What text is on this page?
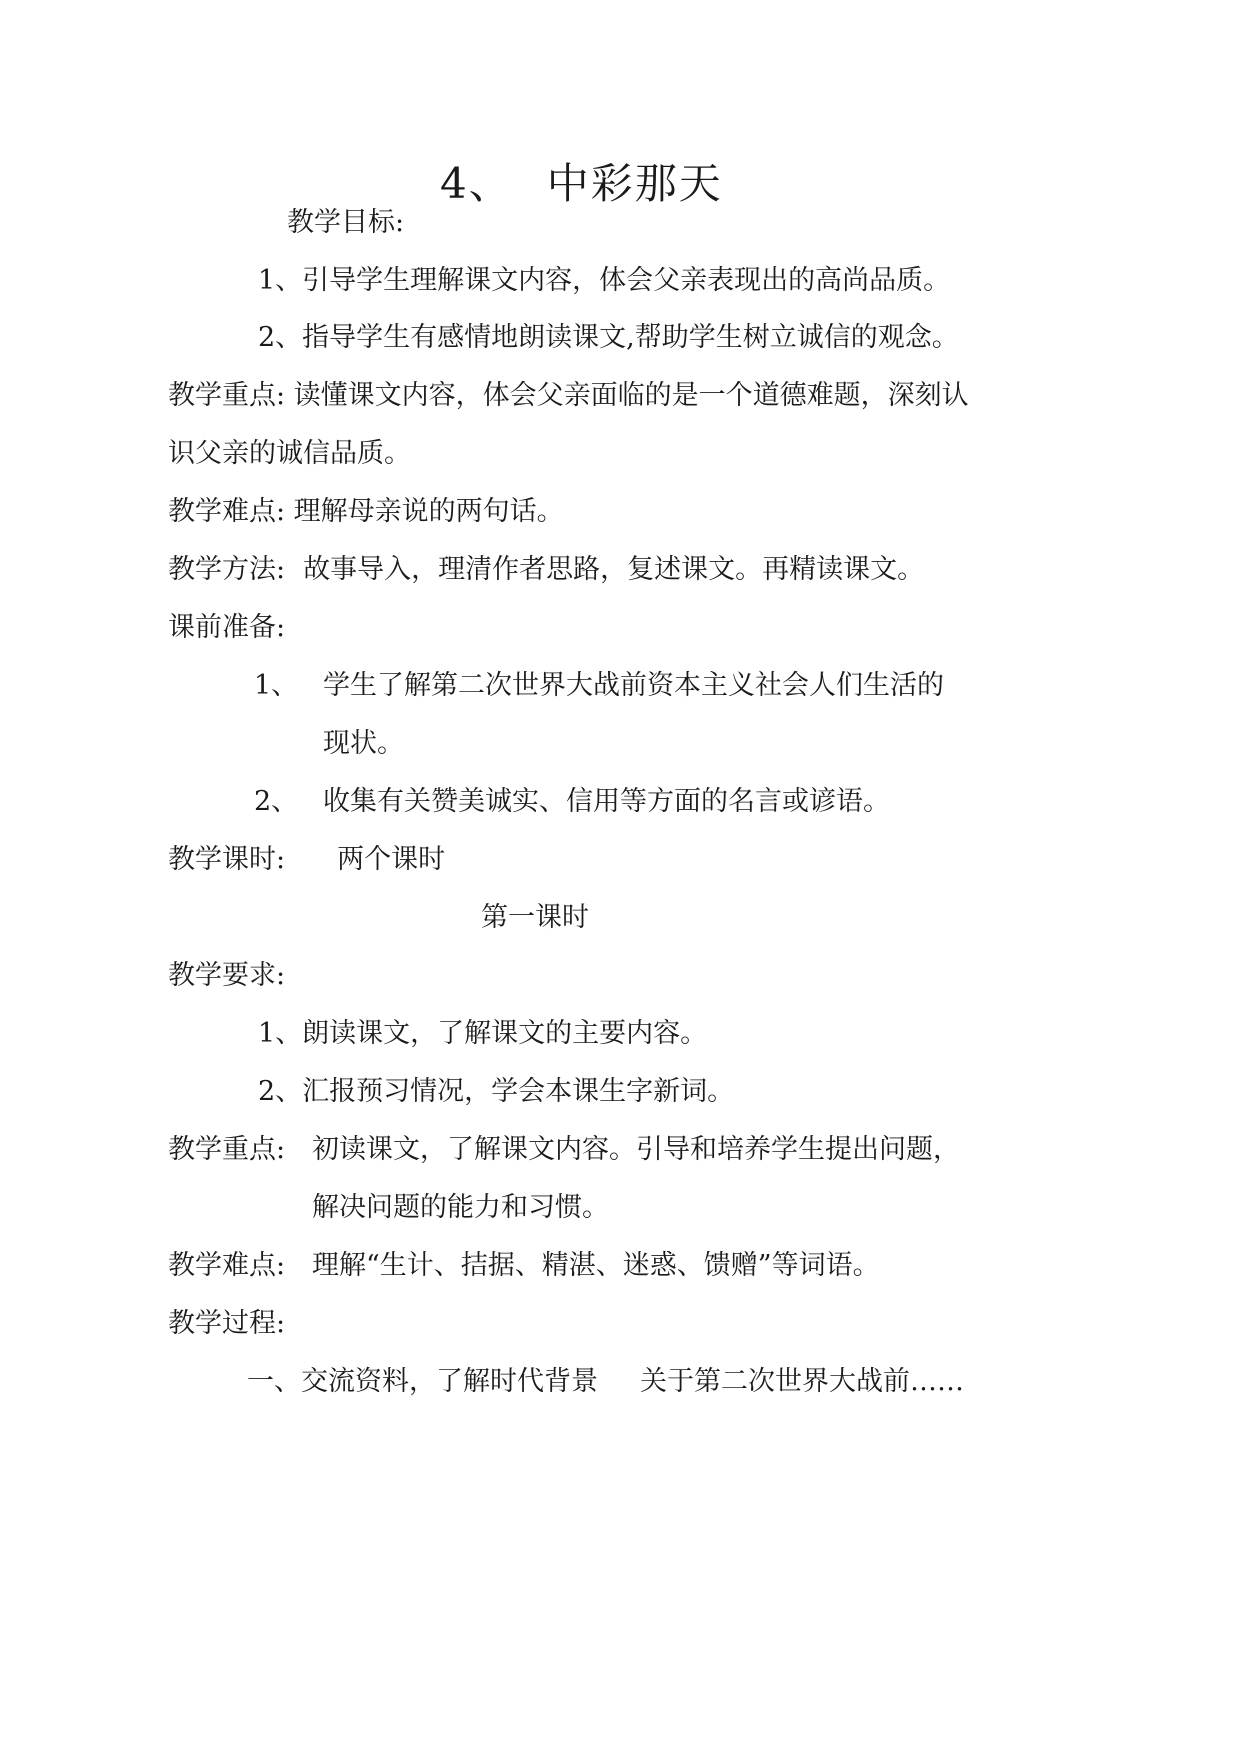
4、 中彩那天
教学目标:
1、引导学生理解课文内容，体会父亲表现出的高尚品质。
2、指导学生有感情地朗读课文,帮助学生树立诚信的观念。
教学重点: 读懂课文内容，体会父亲面临的是一个道德难题，深刻认
识父亲的诚信品质。
教学难点: 理解母亲说的两句话。
教学方法: 故事导入，理清作者思路，复述课文。再精读课文。
课前准备:
1、 学生了解第二次世界大战前资本主义社会人们生活的
现状。
2、 收集有关赞美诚实、信用等方面的名言或谚语。
教学课时: 两个课时
第一课时
教学要求:
1、朗读课文，了解课文的主要内容。
2、汇报预习情况，学会本课生字新词。
教学重点: 初读课文，了解课文内容。引导和培养学生提出问题，
解决问题的能力和习惯。
教学难点: 理解“生计、拮据、精湛、迷惑、馈赠”等词语。
教学过程:
一、交流资料，了解时代背景 关于第二次世界大战前……
